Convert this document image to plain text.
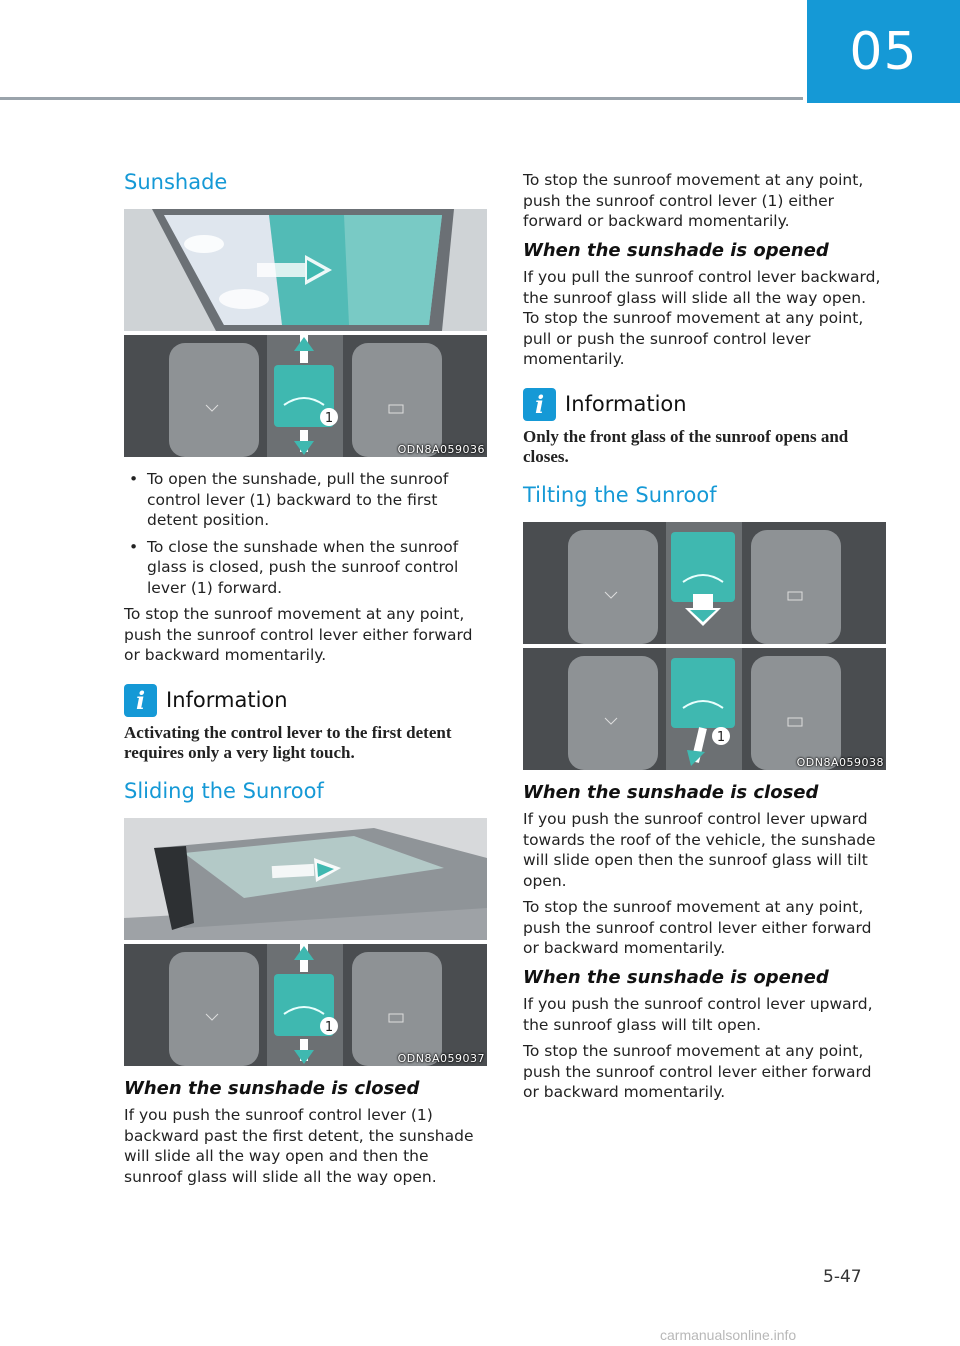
05
Sunshade
1
ODN8A059036
• To open the sunshade, pull the sunroof control lever (1) backward to the first detent position.
• To close the sunshade when the sunroof glass is closed, push the sunroof control lever (1) forward.

To stop the sunroof movement at any point, push the sunroof control lever either forward or backward momentarily.

i Information

Activating the control lever to the first detent requires only a very light touch.

Sliding the Sunroof
1
ODN8A059037
When the sunshade is closed

If you push the sunroof control lever (1) backward past the first detent, the sunshade will slide all the way open and then the sunroof glass will slide all the way open.

To stop the sunroof movement at any point, push the sunroof control lever (1) either forward or backward momentarily.

When the sunshade is opened

If you pull the sunroof control lever backward, the sunroof glass will slide all the way open. To stop the sunroof movement at any point, pull or push the sunroof control lever momentarily.

i Information

Only the front glass of the sunroof opens and closes.

Tilting the Sunroof
1
ODN8A059038
When the sunshade is closed

If you push the sunroof control lever upward towards the roof of the vehicle, the sunshade will slide open then the sunroof glass will tilt open.

To stop the sunroof movement at any point, push the sunroof control lever either forward or backward momentarily.

When the sunshade is opened

If you push the sunroof control lever upward, the sunroof glass will tilt open.

To stop the sunroof movement at any point, push the sunroof control lever either forward or backward momentarily.

5-47
carmanualsonline.info
